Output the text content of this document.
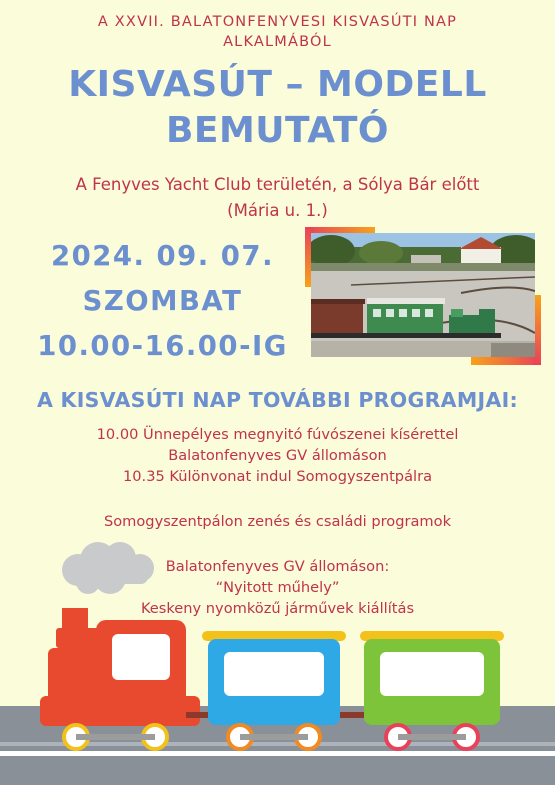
A XXVII. BALATONFENYVESI KISVASÚTI NAP
ALKALMÁBÓL
KISVASÚT – MODELL
BEMUTATÓ
A Fenyves Yacht Club területén, a Sólya Bár előtt
(Mária u. 1.)
2024. 09. 07.
SZOMBAT
10.00-16.00-IG
A KISVASÚTI NAP TOVÁBBI PROGRAMJAI:
10.00 Ünnepélyes megnyitó fúvószenei kísérettel
Balatonfenyves GV állomáson
10.35 Különvonat indul Somogyszentpálra
Somogyszentpálon zenés és családi programok
Balatonfenyves GV állomáson:
“Nyitott műhely”
Keskeny nyomközű járművek kiállítás
